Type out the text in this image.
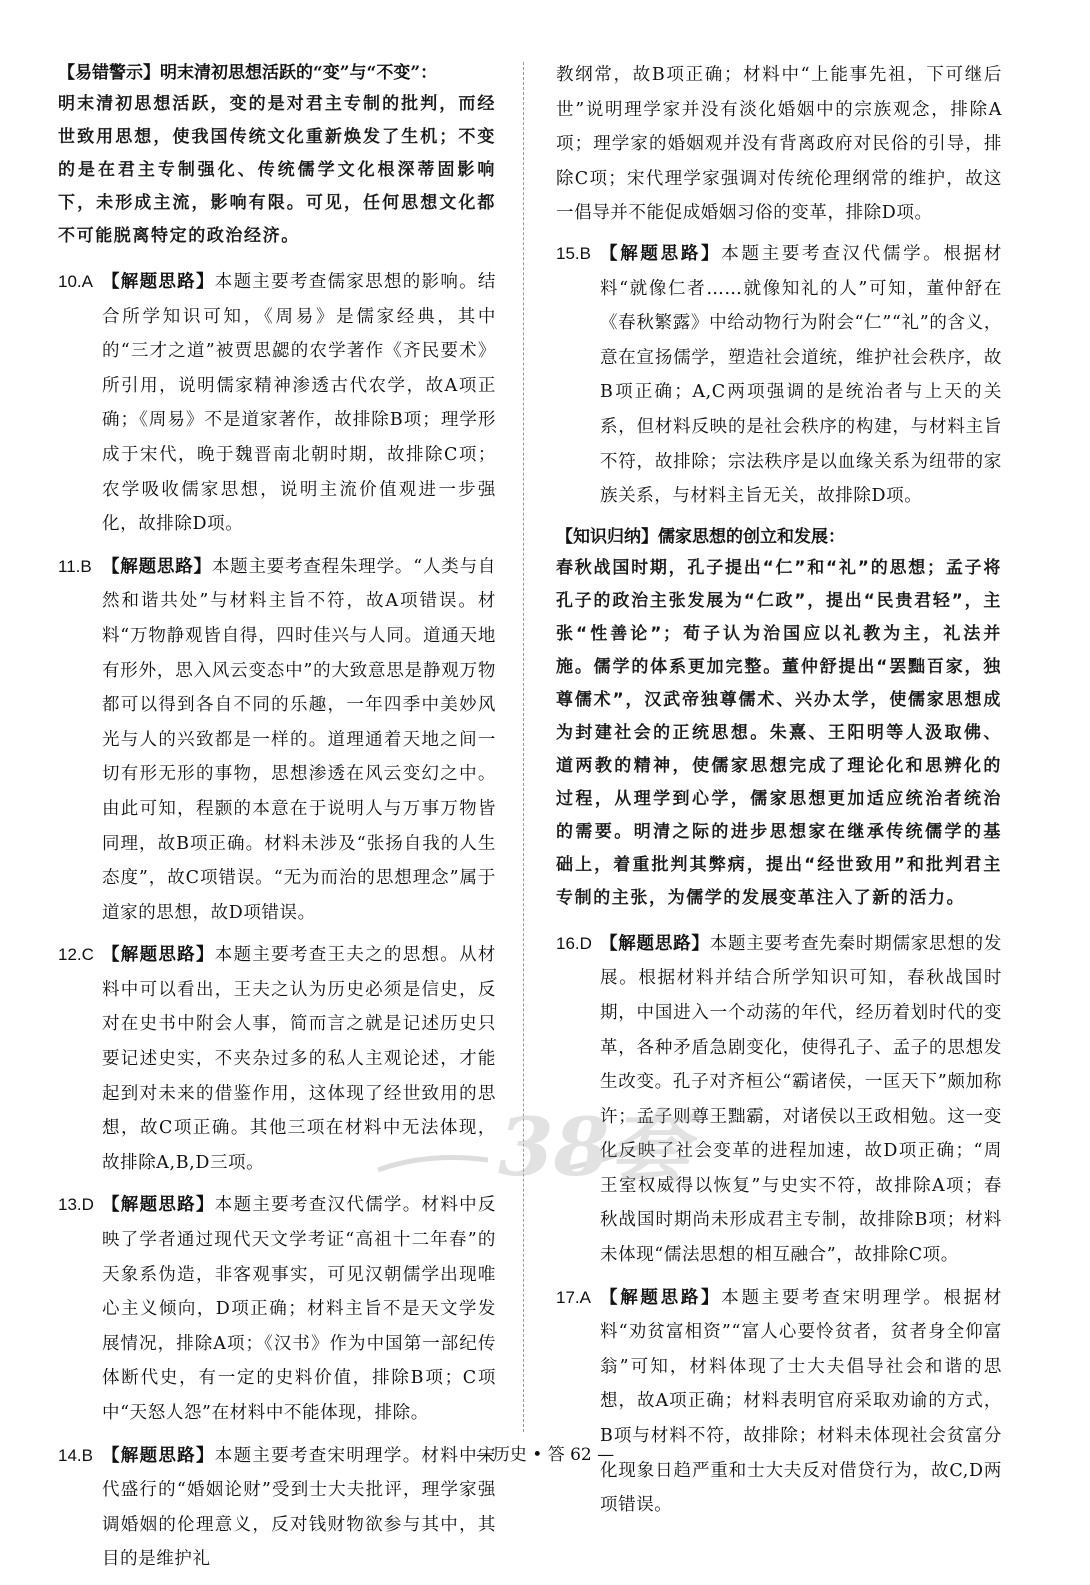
【易错警示】明末清初思想活跃的“变”与“不变”：
明末清初思想活跃，变的是对君主专制的批判，而经世致用思想，使我国传统文化重新焕发了生机；不变的是在君主专制强化、传统儒学文化根深蒂固影响下，未形成主流，影响有限。可见，任何思想文化都不可能脱离特定的政治经济。
10.A 【解题思路】本题主要考查儒家思想的影响。结合所学知识可知，《周易》是儒家经典，其中的“三才之道”被贾思勰的农学著作《齐民要术》所引用，说明儒家精神渗透古代农学，故A项正确；《周易》不是道家著作，故排除B项；理学形成于宋代，晚于魏晋南北朝时期，故排除C项；农学吸收儒家思想，说明主流价值观进一步强化，故排除D项。
11.B 【解题思路】本题主要考查程朱理学。“人类与自然和谐共处”与材料主旨不符，故A项错误。材料“万物静观皆自得，四时佳兴与人同。道通天地有形外，思入风云变态中”的大致意思是静观万物都可以得到各自不同的乐趣，一年四季中美妙风光与人的兴致都是一样的。道理通着天地之间一切有形无形的事物，思想渗透在风云变幻之中。由此可知，程颢的本意在于说明人与万事万物皆同理，故B项正确。材料未涉及“张扬自我的人生态度”，故C项错误。“无为而治的思想理念”属于道家的思想，故D项错误。
12.C 【解题思路】本题主要考查王夫之的思想。从材料中可以看出，王夫之认为历史必须是信史，反对在史书中附会人事，简而言之就是记述历史只要记述史实，不夹杂过多的私人主观论述，才能起到对未来的借鉴作用，这体现了经世致用的思想，故C项正确。其他三项在材料中无法体现，故排除A,B,D三项。
13.D 【解题思路】本题主要考查汉代儒学。材料中反映了学者通过现代天文学考证“高祖十二年春”的天象系伪造，非客观事实，可见汉朝儒学出现唯心主义倾向，D项正确；材料主旨不是天文学发展情况，排除A项；《汉书》作为中国第一部纪传体断代史，有一定的史料价值，排除B项；C项中“天怒人怨”在材料中不能体现，排除。
14.B 【解题思路】本题主要考查宋明理学。材料中宋代盛行的“婚姻论财”受到士大夫批评，理学家强调婚姻的伦理意义，反对钱财物欲参与其中，其目的是维护礼
教纲常，故B项正确；材料中“上能事先祖，下可继后世”说明理学家并没有淡化婚姻中的宗族观念，排除A项；理学家的婚姻观并没有背离政府对民俗的引导，排除C项；宋代理学家强调对传统伦理纲常的维护，故这一倡导并不能促成婚姻习俗的变革，排除D项。
15.B 【解题思路】本题主要考查汉代儒学。根据材料“就像仁者……就像知礼的人”可知，董仲舒在《春秋繁露》中给动物行为附会“仁”“礼”的含义，意在宣扬儒学，塑造社会道统，维护社会秩序，故B项正确；A,C两项强调的是统治者与上天的关系，但材料反映的是社会秩序的构建，与材料主旨不符，故排除；宗法秩序是以血缘关系为纽带的家族关系，与材料主旨无关，故排除D项。
【知识归纳】儒家思想的创立和发展：
春秋战国时期，孔子提出“仁”和“礼”的思想；孟子将孔子的政治主张发展为“仁政”，提出“民贵君轻”，主张“性善论”；荀子认为治国应以礼教为主，礼法并施。儒学的体系更加完整。董仲舒提出“罢黜百家，独尊儒术”，汉武帝独尊儒术、兴办太学，使儒家思想成为封建社会的正统思想。朱熹、王阳明等人汲取佛、道两教的精神，使儒家思想完成了理论化和思辨化的过程，从理学到心学，儒家思想更加适应统治者统治的需要。明清之际的进步思想家在继承传统儒学的基础上，着重批判其弊病，提出“经世致用”和批判君主专制的主张，为儒学的发展变革注入了新的活力。
16.D 【解题思路】本题主要考查先秦时期儒家思想的发展。根据材料并结合所学知识可知，春秋战国时期，中国进入一个动荡的年代，经历着划时代的变革，各种矛盾急剧变化，使得孔子、孟子的思想发生改变。孔子对齐桓公“霸诸侯，一匡天下”颇加称许；孟子则尊王黜霸，对诸侯以王政相勉。这一变化反映了社会变革的进程加速，故D项正确；“周王室权威得以恢复”与史实不符，故排除A项；春秋战国时期尚未形成君主专制，故排除B项；材料未体现“儒法思想的相互融合”，故排除C项。
17.A 【解题思路】本题主要考查宋明理学。根据材料“劝贫富相资”“富人心要怜贫者，贫者身全仰富翁”可知，材料体现了士大夫倡导社会和谐的思想，故A项正确；材料表明官府采取劝谕的方式，B项与材料不符，故排除；材料未体现社会贫富分化现象日趋严重和士大夫反对借贷行为，故C,D两项错误。
38套
—历史 • 答 62 —
